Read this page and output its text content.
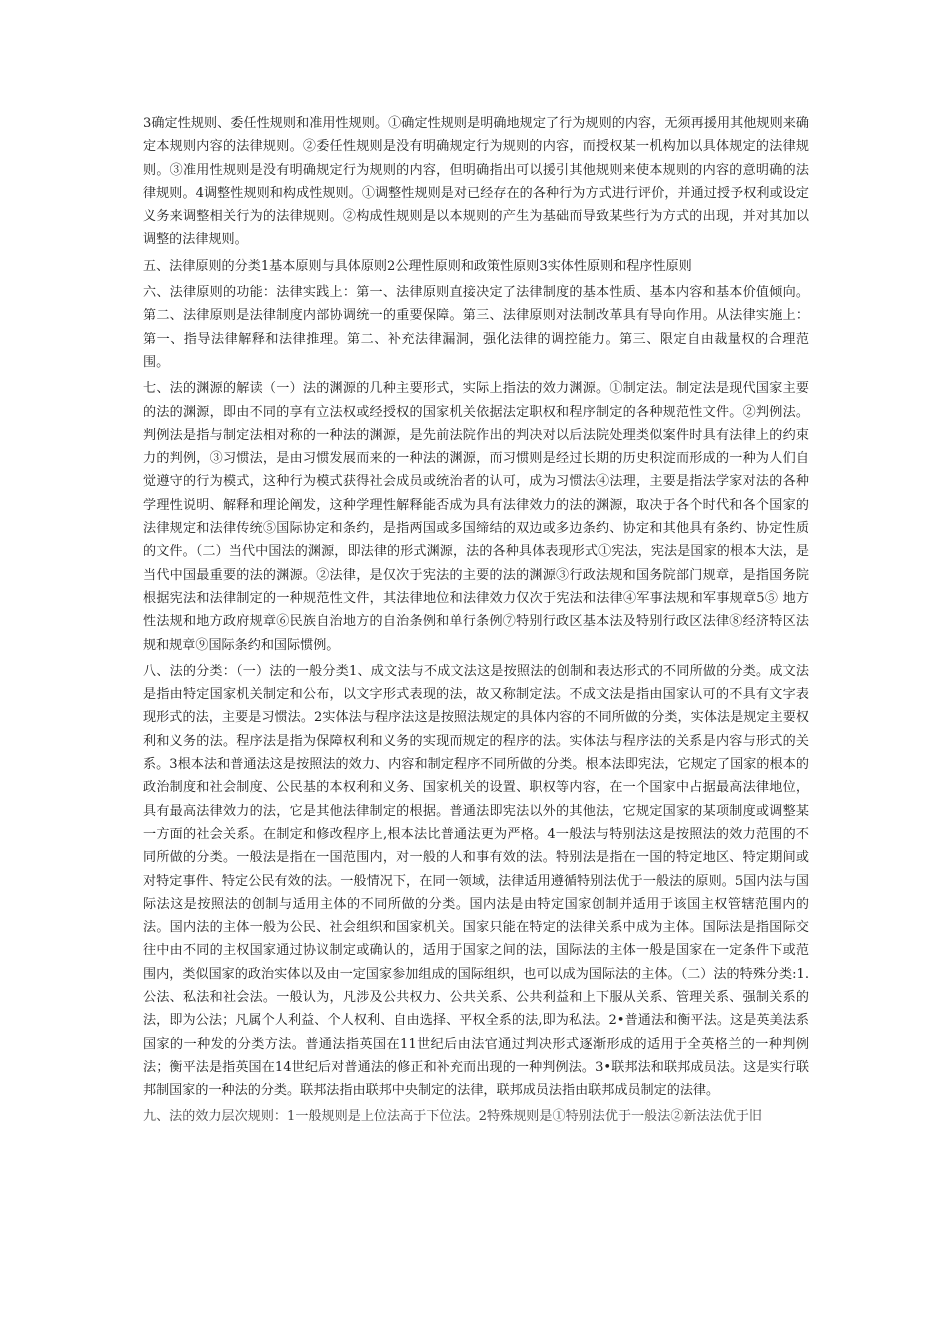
3确定性规则、委任性规则和准用性规则。①确定性规则是明确地规定了行为规则的内容，无须再援用其他规则来确定本规则内容的法律规则。②委任性规则是没有明确规定行为规则的内容，而授权某一机构加以具体规定的法律规则。③准用性规则是没有明确规定行为规则的内容，但明确指出可以援引其他规则来使本规则的内容的意明确的法律规则。4调整性规则和构成性规则。①调整性规则是对已经存在的各种行为方式进行评价，并通过授予权利或设定义务来调整相关行为的法律规则。②构成性规则是以本规则的产生为基础而导致某些行为方式的出现，并对其加以调整的法律规则。

五、法律原则的分类1基本原则与具体原则2公理性原则和政策性原则3实体性原则和程序性原则

六、法律原则的功能：法律实践上：第一、法律原则直接决定了法律制度的基本性质、基本内容和基本价值倾向。第二、法律原则是法律制度内部协调统一的重要保障。第三、法律原则对法制改革具有导向作用。从法律实施上：第一、指导法律解释和法律推理。第二、补充法律漏洞，强化法律的调控能力。第三、限定自由裁量权的合理范围。

七、法的渊源的解读（一）法的渊源的几种主要形式，实际上指法的效力渊源。①制定法。制定法是现代国家主要的法的渊源，即由不同的享有立法权或经授权的国家机关依据法定职权和程序制定的各种规范性文件。②判例法。判例法是指与制定法相对称的一种法的渊源，是先前法院作出的判决对以后法院处理类似案件时具有法律上的约束力的判例，③习惯法，是由习惯发展而来的一种法的渊源，而习惯则是经过长期的历史积淀而形成的一种为人们自觉遵守的行为模式，这种行为模式获得社会成员或统治者的认可，成为习惯法④法理，主要是指法学家对法的各种学理性说明、解释和理论阐发，这种学理性解释能否成为具有法律效力的法的渊源，取决于各个时代和各个国家的法律规定和法律传统⑤国际协定和条约，是指两国或多国缔结的双边或多边条约、协定和其他具有条约、协定性质的文件。（二）当代中国法的渊源，即法律的形式渊源，法的各种具体表现形式①宪法，宪法是国家的根本大法，是当代中国最重要的法的渊源。②法律，是仅次于宪法的主要的法的渊源③行政法规和国务院部门规章，是指国务院根据宪法和法律制定的一种规范性文件，其法律地位和法律效力仅次于宪法和法律④军事法规和军事规章5⑤ 地方性法规和地方政府规章⑥民族自治地方的自治条例和单行条例⑦特别行政区基本法及特别行政区法律⑧经济特区法规和规章⑨国际条约和国际惯例。

八、法的分类：（一）法的一般分类1、成文法与不成文法这是按照法的创制和表达形式的不同所做的分类。成文法是指由特定国家机关制定和公布，以文字形式表现的法，故又称制定法。不成文法是指由国家认可的不具有文字表现形式的法，主要是习惯法。2实体法与程序法这是按照法规定的具体内容的不同所做的分类，实体法是规定主要权利和义务的法。程序法是指为保障权利和义务的实现而规定的程序的法。实体法与程序法的关系是内容与形式的关系。3根本法和普通法这是按照法的效力、内容和制定程序不同所做的分类。根本法即宪法，它规定了国家的根本的政治制度和社会制度、公民基的本权利和义务、国家机关的设置、职权等内容，在一个国家中占据最高法律地位，具有最高法律效力的法，它是其他法律制定的根据。普通法即宪法以外的其他法，它规定国家的某项制度或调整某一方面的社会关系。在制定和修改程序上,根本法比普通法更为严格。4一般法与特别法这是按照法的效力范围的不同所做的分类。一般法是指在一国范围内，对一般的人和事有效的法。特别法是指在一国的特定地区、特定期间或对特定事件、特定公民有效的法。一般情况下，在同一领域，法律适用遵循特别法优于一般法的原则。5国内法与国际法这是按照法的创制与适用主体的不同所做的分类。国内法是由特定国家创制并适用于该国主权管辖范围内的法。国内法的主体一般为公民、社会组织和国家机关。国家只能在特定的法律关系中成为主体。国际法是指国际交往中由不同的主权国家通过协议制定或确认的，适用于国家之间的法，国际法的主体一般是国家在一定条件下或范围内，类似国家的政治实体以及由一定国家参加组成的国际组织，也可以成为国际法的主体。（二）法的特殊分类:1.公法、私法和社会法。一般认为，凡涉及公共权力、公共关系、公共利益和上下服从关系、管理关系、强制关系的法，即为公法；凡属个人利益、个人权利、自由选择、平权全系的法,即为私法。2•普通法和衡平法。这是英美法系国家的一种发的分类方法。普通法指英国在11世纪后由法官通过判决形式逐渐形成的适用于全英格兰的一种判例法；衡平法是指英国在14世纪后对普通法的修正和补充而出现的一种判例法。3•联邦法和联邦成员法。这是实行联邦制国家的一种法的分类。联邦法指由联邦中央制定的法律，联邦成员法指由联邦成员制定的法律。

九、法的效力层次规则：1一般规则是上位法高于下位法。2特殊规则是①特别法优于一般法②新法法优于旧
